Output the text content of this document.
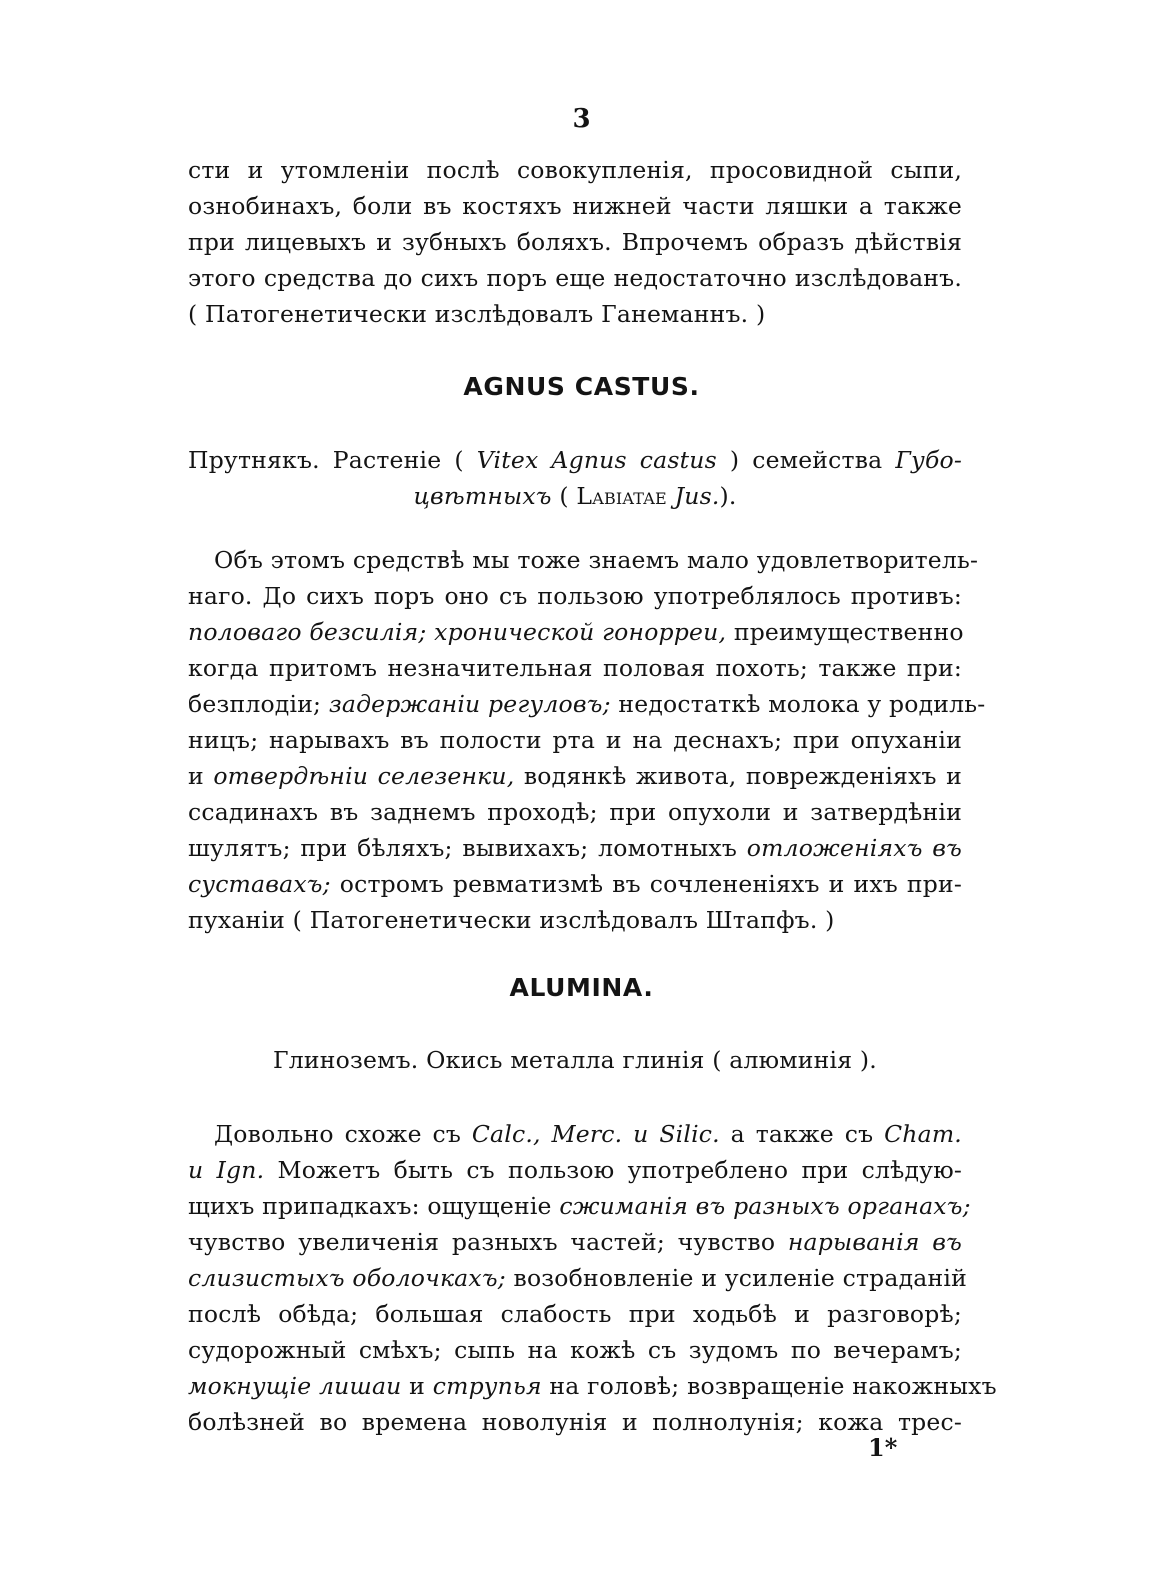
3
сти и утомленіи послѣ совокупленія, просовидной сыпи,
ознобинахъ, боли въ костяхъ нижней части ляшки а также
при лицевыхъ и зубныхъ боляхъ. Впрочемъ образъ дѣйствія
этого средства до сихъ поръ еще недостаточно изслѣдованъ.
( Патогенетически изслѣдовалъ Ганеманнъ. )
AGNUS CASTUS.
Прутнякъ. Растеніе ( Vitex Agnus castus ) семейства Губо-
цвѣтныхъ ( Labiatae Jus.).
Объ этомъ средствѣ мы тоже знаемъ мало удовлетворитель-
наго. До сихъ поръ оно съ пользою употреблялось противъ:
половаго безсилія; хронической гонорреи, преимущественно
когда притомъ незначительная половая похоть; также при:
безплодіи; задержаніи регуловъ; недостаткѣ молока у родиль-
ницъ; нарывахъ въ полости рта и на деснахъ; при опуханіи
и отвердѣніи селезенки, водянкѣ живота, поврежденіяхъ и
ссадинахъ въ заднемъ проходѣ; при опухоли и затвердѣніи
шулятъ; при бѣляхъ; вывихахъ; ломотныхъ отложеніяхъ въ
суставахъ; остромъ ревматизмѣ въ сочлененіяхъ и ихъ при-
пуханіи ( Патогенетически изслѣдовалъ Штапфъ. )
ALUMINA.
Глиноземъ. Окись металла глинія ( алюминія ).
Довольно схоже съ Calc., Merc. и Silic. а также съ Cham.
и Ign. Можетъ быть съ пользою употреблено при слѣдую-
щихъ припадкахъ: ощущеніе сжиманія въ разныхъ органахъ;
чувство увеличенія разныхъ частей; чувство нарыванія въ
слизистыхъ оболочкахъ; возобновленіе и усиленіе страданій
послѣ обѣда; большая слабость при ходьбѣ и разговорѣ;
судорожный смѣхъ; сыпь на кожѣ съ зудомъ по вечерамъ;
мокнущіе лишаи и струпья на головѣ; возвращеніе накожныхъ
болѣзней во времена новолунія и полнолунія; кожа трес-
1*
